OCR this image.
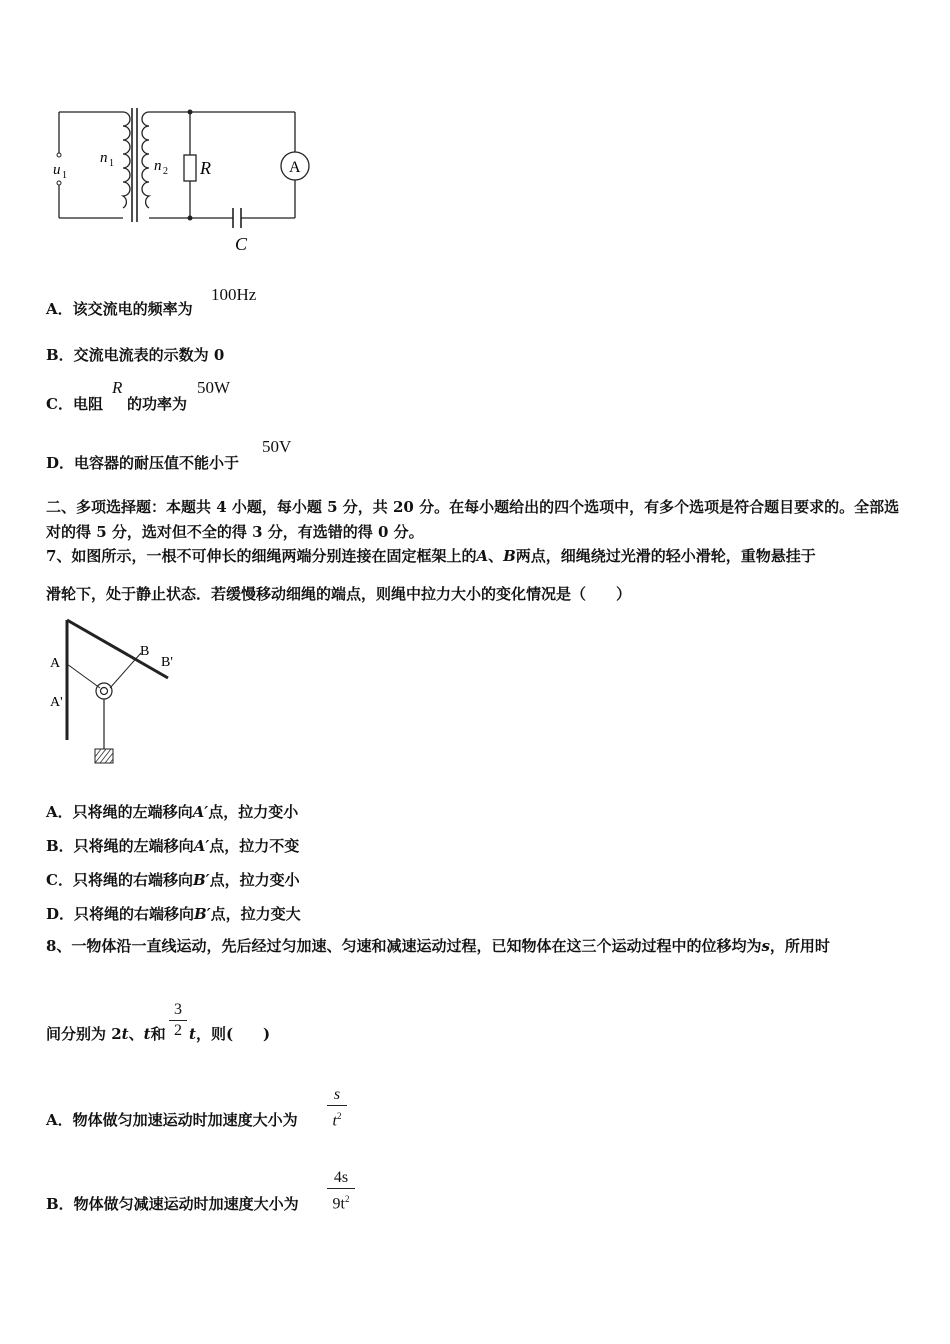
u 1
n 1	n 2 R	A
C
A．该交流电的频率为
100Hz
B．交流电流表的示数为 0
C．电阻
R
的功率为
50W
D．电容器的耐压值不能小于
50V
二、多项选择题：本题共 4 小题，每小题 5 分，共 20 分。在每小题给出的四个选项中，有多个选项是符合题目要求的。全部选对的得 5 分，选对但不全的得 3 分，有选错的得 0 分。
7、如图所示，一根不可伸长的细绳两端分别连接在固定框架上的A、B两点，细绳绕过光滑的轻小滑轮，重物悬挂于
滑轮下，处于静止状态．若缓慢移动细绳的端点，则绳中拉力大小的变化情况是（　　）
A
A'
B
B'
A．只将绳的左端移向A′点，拉力变小
B．只将绳的左端移向A′点，拉力不变
C．只将绳的右端移向B′点，拉力变小
D．只将绳的右端移向B′点，拉力变大
8、一物体沿一直线运动，先后经过匀加速、匀速和减速运动过程，已知物体在这三个运动过程中的位移均为s，所用时
间分别为 2t、t和
3
2 t，则(　　)
A．物体做匀加速运动时加速度大小为
s
$t^2$
B．物体做匀减速运动时加速度大小为
4s
$9t^2$
